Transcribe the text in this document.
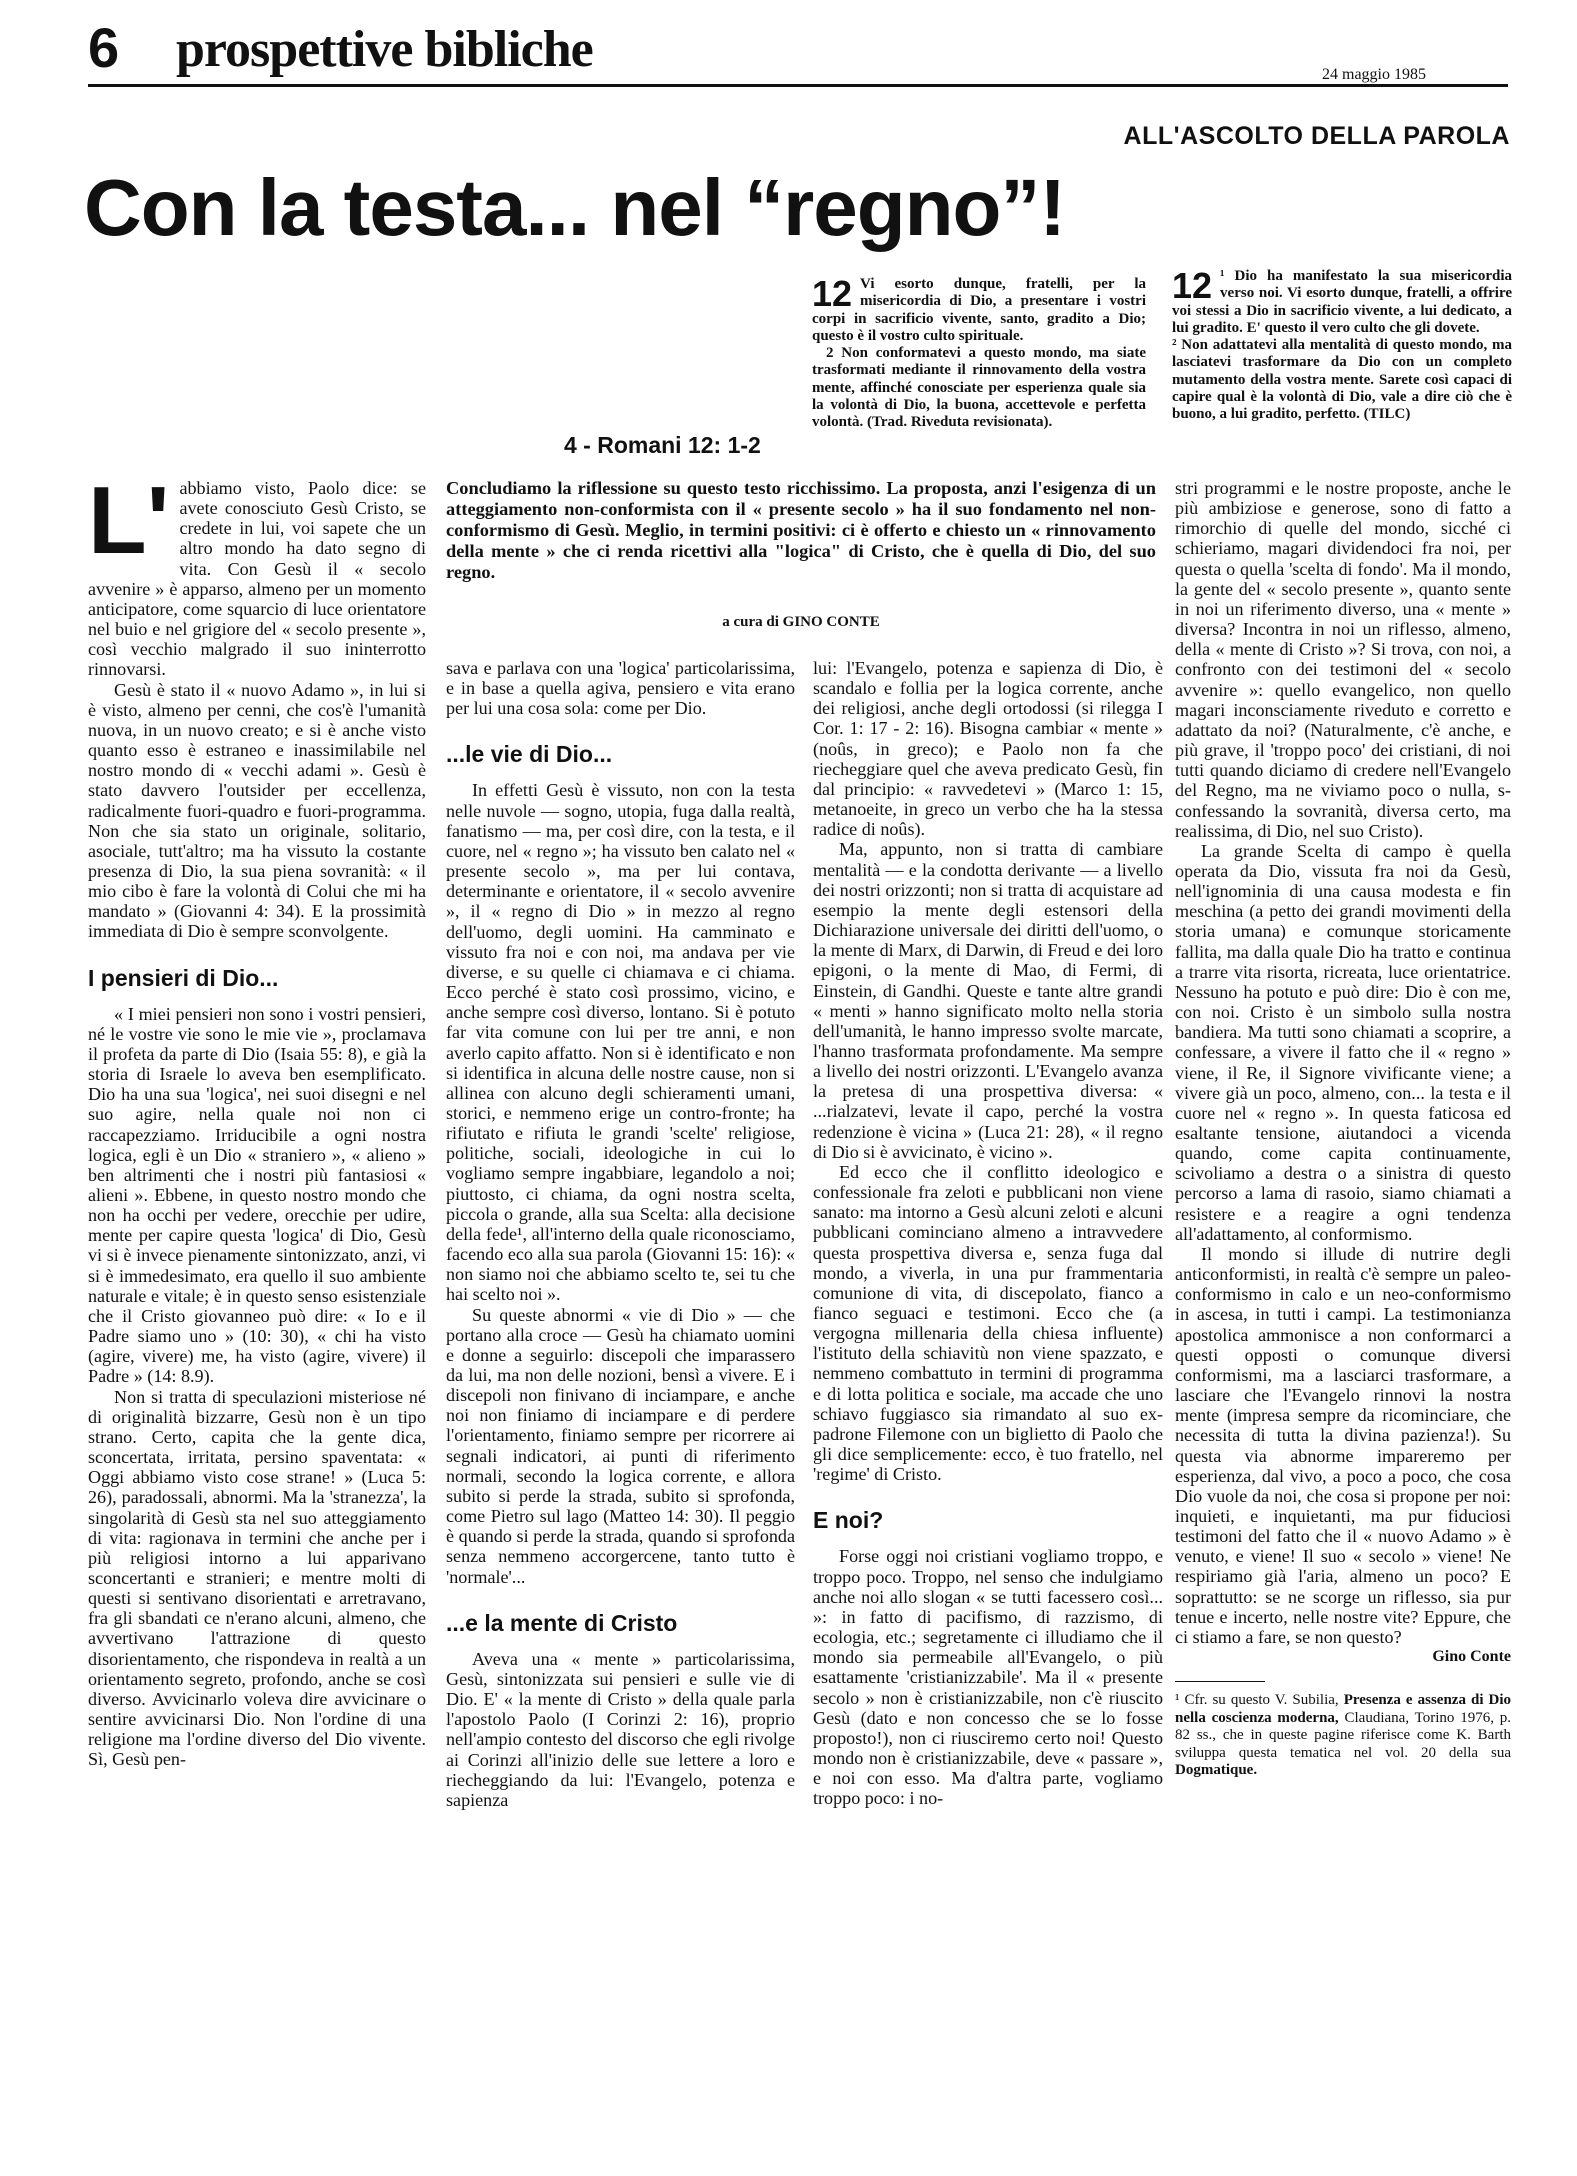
6 prospettive bibliche	24 maggio 1985
ALL'ASCOLTO DELLA PAROLA
Con la testa... nel “regno”!
12 Vi esorto dunque, fratelli, per la misericordia di Dio, a presentare i vostri corpi in sacrificio vivente, santo, gradito a Dio; questo è il vostro culto spirituale.

2 Non conformatevi a questo mondo, ma siate trasformati mediante il rinnovamento della vostra mente, affinché conosciate per esperienza quale sia la volontà di Dio, la buona, accettevole e perfetta volontà. (Trad. Riveduta revisionata).

12 ¹ Dio ha manifestato la sua misericordia verso noi. Vi esorto dunque, fratelli, a offrire voi stessi a Dio in sacrificio vivente, a lui dedicato, a lui gradito. E' questo il vero culto che gli dovete.

² Non adattatevi alla mentalità di questo mondo, ma lasciatevi trasformare da Dio con un completo mutamento della vostra mente. Sarete così capaci di capire qual è la volontà di Dio, vale a dire ciò che è buono, a lui gradito, perfetto. (TILC)

4 - Romani 12: 1-2
Concludiamo la riflessione su questo testo ricchissimo. La proposta, anzi l'esigenza di un atteggiamento non-conformista con il « presente secolo » ha il suo fondamento nel non-conformismo di Gesù. Meglio, in termini positivi: ci è offerto e chiesto un « rinnovamento della mente » che ci renda ricettivi alla "logica" di Cristo, che è quella di Dio, del suo regno.
a cura di GINO CONTE
L' abbiamo visto, Paolo dice: se avete conosciuto Gesù Cristo, se credete in lui, voi sapete che un altro mondo ha dato segno di vita. Con Gesù il « secolo avvenire » è apparso, almeno per un momento anticipatore, come squarcio di luce orientatore nel buio e nel grigiore del « secolo presente », così vecchio malgrado il suo ininterrotto rinnovarsi.

Gesù è stato il « nuovo Adamo », in lui si è visto, almeno per cenni, che cos'è l'umanità nuova, in un nuovo creato; e si è anche visto quanto esso è estraneo e inassimilabile nel nostro mondo di « vecchi adami ». Gesù è stato davvero l'outsider per eccellenza, radicalmente fuori-quadro e fuori-programma. Non che sia stato un originale, solitario, asociale, tutt'altro; ma ha vissuto la costante presenza di Dio, la sua piena sovranità: « il mio cibo è fare la volontà di Colui che mi ha mandato » (Giovanni 4: 34). E la prossimità immediata di Dio è sempre sconvolgente.

I pensieri di Dio...

« I miei pensieri non sono i vostri pensieri, né le vostre vie sono le mie vie », proclamava il profeta da parte di Dio (Isaia 55: 8), e già la storia di Israele lo aveva ben esemplificato. Dio ha una sua 'logica', nei suoi disegni e nel suo agire, nella quale noi non ci raccapezziamo. Irriducibile a ogni nostra logica, egli è un Dio « straniero », « alieno » ben altrimenti che i nostri più fantasiosi « alieni ». Ebbene, in questo nostro mondo che non ha occhi per vedere, orecchie per udire, mente per capire questa 'logica' di Dio, Gesù vi si è invece pienamente sintonizzato, anzi, vi si è immedesimato, era quello il suo ambiente naturale e vitale; è in questo senso esistenziale che il Cristo giovanneo può dire: « Io e il Padre siamo uno » (10: 30), « chi ha visto (agire, vivere) me, ha visto (agire, vivere) il Padre » (14: 8.9).

Non si tratta di speculazioni misteriose né di originalità bizzarre, Gesù non è un tipo strano. Certo, capita che la gente dica, sconcertata, irritata, persino spaventata: « Oggi abbiamo visto cose strane! » (Luca 5: 26), paradossali, abnormi. Ma la 'stranezza', la singolarità di Gesù sta nel suo atteggiamento di vita: ragionava in termini che anche per i più religiosi intorno a lui apparivano sconcertanti e stranieri; e mentre molti di questi si sentivano disorientati e arretravano, fra gli sbandati ce n'erano alcuni, almeno, che avvertivano l'attrazione di questo disorientamento, che rispondeva in realtà a un orientamento segreto, profondo, anche se così diverso. Avvicinarlo voleva dire avvicinare o sentire avvicinarsi Dio. Non l'ordine di una religione ma l'ordine diverso del Dio vivente. Sì, Gesù pen-

sava e parlava con una 'logica' particolarissima, e in base a quella agiva, pensiero e vita erano per lui una cosa sola: come per Dio.

...le vie di Dio...

In effetti Gesù è vissuto, non con la testa nelle nuvole — sogno, utopia, fuga dalla realtà, fanatismo — ma, per così dire, con la testa, e il cuore, nel « regno »; ha vissuto ben calato nel « presente secolo », ma per lui contava, determinante e orientatore, il « secolo avvenire », il « regno di Dio » in mezzo al regno dell'uomo, degli uomini. Ha camminato e vissuto fra noi e con noi, ma andava per vie diverse, e su quelle ci chiamava e ci chiama. Ecco perché è stato così prossimo, vicino, e anche sempre così diverso, lontano. Si è potuto far vita comune con lui per tre anni, e non averlo capito affatto. Non si è identificato e non si identifica in alcuna delle nostre cause, non si allinea con alcuno degli schieramenti umani, storici, e nemmeno erige un contro-fronte; ha rifiutato e rifiuta le grandi 'scelte' religiose, politiche, sociali, ideologiche in cui lo vogliamo sempre ingabbiare, legandolo a noi; piuttosto, ci chiama, da ogni nostra scelta, piccola o grande, alla sua Scelta: alla decisione della fede¹, all'interno della quale riconosciamo, facendo eco alla sua parola (Giovanni 15: 16): « non siamo noi che abbiamo scelto te, sei tu che hai scelto noi ».

Su queste abnormi « vie di Dio » — che portano alla croce — Gesù ha chiamato uomini e donne a seguirlo: discepoli che imparassero da lui, ma non delle nozioni, bensì a vivere. E i discepoli non finivano di inciampare, e anche noi non finiamo di inciampare e di perdere l'orientamento, finiamo sempre per ricorrere ai segnali indicatori, ai punti di riferimento normali, secondo la logica corrente, e allora subito si perde la strada, subito si sprofonda, come Pietro sul lago (Matteo 14: 30). Il peggio è quando si perde la strada, quando si sprofonda senza nemmeno accorgercene, tanto tutto è 'normale'...

...e la mente di Cristo

Aveva una « mente » particolarissima, Gesù, sintonizzata sui pensieri e sulle vie di Dio. E' « la mente di Cristo » della quale parla l'apostolo Paolo (I Corinzi 2: 16), proprio nell'ampio contesto del discorso che egli rivolge ai Corinzi all'inizio delle sue lettere a loro e riecheggiando da lui: l'Evangelo, potenza e sapienza

lui: l'Evangelo, potenza e sapienza di Dio, è scandalo e follia per la logica corrente, anche dei religiosi, anche degli ortodossi (si rilegga I Cor. 1: 17 - 2: 16). Bisogna cambiar « mente » (noûs, in greco); e Paolo non fa che riecheggiare quel che aveva predicato Gesù, fin dal principio: « ravvedetevi » (Marco 1: 15, metanoeite, in greco un verbo che ha la stessa radice di noûs).

Ma, appunto, non si tratta di cambiare mentalità — e la condotta derivante — a livello dei nostri orizzonti; non si tratta di acquistare ad esempio la mente degli estensori della Dichiarazione universale dei diritti dell'uomo, o la mente di Marx, di Darwin, di Freud e dei loro epigoni, o la mente di Mao, di Fermi, di Einstein, di Gandhi. Queste e tante altre grandi « menti » hanno significato molto nella storia dell'umanità, le hanno impresso svolte marcate, l'hanno trasformata profondamente. Ma sempre a livello dei nostri orizzonti. L'Evangelo avanza la pretesa di una prospettiva diversa: « ...rialzatevi, levate il capo, perché la vostra redenzione è vicina » (Luca 21: 28), « il regno di Dio si è avvicinato, è vicino ».

Ed ecco che il conflitto ideologico e confessionale fra zeloti e pubblicani non viene sanato: ma intorno a Gesù alcuni zeloti e alcuni pubblicani cominciano almeno a intravvedere questa prospettiva diversa e, senza fuga dal mondo, a viverla, in una pur frammentaria comunione di vita, di discepolato, fianco a fianco seguaci e testimoni. Ecco che (a vergogna millenaria della chiesa influente) l'istituto della schiavitù non viene spazzato, e nemmeno combattuto in termini di programma e di lotta politica e sociale, ma accade che uno schiavo fuggiasco sia rimandato al suo ex-padrone Filemone con un biglietto di Paolo che gli dice semplicemente: ecco, è tuo fratello, nel 'regime' di Cristo.

E noi?

Forse oggi noi cristiani vogliamo troppo, e troppo poco. Troppo, nel senso che indulgiamo anche noi allo slogan « se tutti facessero così... »: in fatto di pacifismo, di razzismo, di ecologia, etc.; segretamente ci illudiamo che il mondo sia permeabile all'Evangelo, o più esattamente 'cristianizzabile'. Ma il « presente secolo » non è cristianizzabile, non c'è riuscito Gesù (dato e non concesso che se lo fosse proposto!), non ci riusciremo certo noi! Questo mondo non è cristianizzabile, deve « passare », e noi con esso. Ma d'altra parte, vogliamo troppo poco: i no-

stri programmi e le nostre proposte, anche le più ambiziose e generose, sono di fatto a rimorchio di quelle del mondo, sicché ci schieriamo, magari dividendoci fra noi, per questa o quella 'scelta di fondo'. Ma il mondo, la gente del « secolo presente », quanto sente in noi un riferimento diverso, una « mente » diversa? Incontra in noi un riflesso, almeno, della « mente di Cristo »? Si trova, con noi, a confronto con dei testimoni del « secolo avvenire »: quello evangelico, non quello magari inconsciamente riveduto e corretto e adattato da noi? (Naturalmente, c'è anche, e più grave, il 'troppo poco' dei cristiani, di noi tutti quando diciamo di credere nell'Evangelo del Regno, ma ne viviamo poco o nulla, s-confessando la sovranità, diversa certo, ma realissima, di Dio, nel suo Cristo).

La grande Scelta di campo è quella operata da Dio, vissuta fra noi da Gesù, nell'ignominia di una causa modesta e fin meschina (a petto dei grandi movimenti della storia umana) e comunque storicamente fallita, ma dalla quale Dio ha tratto e continua a trarre vita risorta, ricreata, luce orientatrice. Nessuno ha potuto e può dire: Dio è con me, con noi. Cristo è un simbolo sulla nostra bandiera. Ma tutti sono chiamati a scoprire, a confessare, a vivere il fatto che il « regno » viene, il Re, il Signore vivificante viene; a vivere già un poco, almeno, con... la testa e il cuore nel « regno ». In questa faticosa ed esaltante tensione, aiutandoci a vicenda quando, come capita continuamente, scivoliamo a destra o a sinistra di questo percorso a lama di rasoio, siamo chiamati a resistere e a reagire a ogni tendenza all'adattamento, al conformismo.

Il mondo si illude di nutrire degli anticonformisti, in realtà c'è sempre un paleo-conformismo in calo e un neo-conformismo in ascesa, in tutti i campi. La testimonianza apostolica ammonisce a non conformarci a questi opposti o comunque diversi conformismi, ma a lasciarci trasformare, a lasciare che l'Evangelo rinnovi la nostra mente (impresa sempre da ricominciare, che necessita di tutta la divina pazienza!). Su questa via abnorme impareremo per esperienza, dal vivo, a poco a poco, che cosa Dio vuole da noi, che cosa si propone per noi: inquieti, e inquietanti, ma pur fiduciosi testimoni del fatto che il « nuovo Adamo » è venuto, e viene! Il suo « secolo » viene! Ne respiriamo già l'aria, almeno un poco? E soprattutto: se ne scorge un riflesso, sia pur tenue e incerto, nelle nostre vite? Eppure, che ci stiamo a fare, se non questo?

Gino Conte
¹ Cfr. su questo V. Subilia, Presenza e assenza di Dio nella coscienza moderna, Claudiana, Torino 1976, p. 82 ss., che in queste pagine riferisce come K. Barth sviluppa questa tematica nel vol. 20 della sua Dogmatique.
